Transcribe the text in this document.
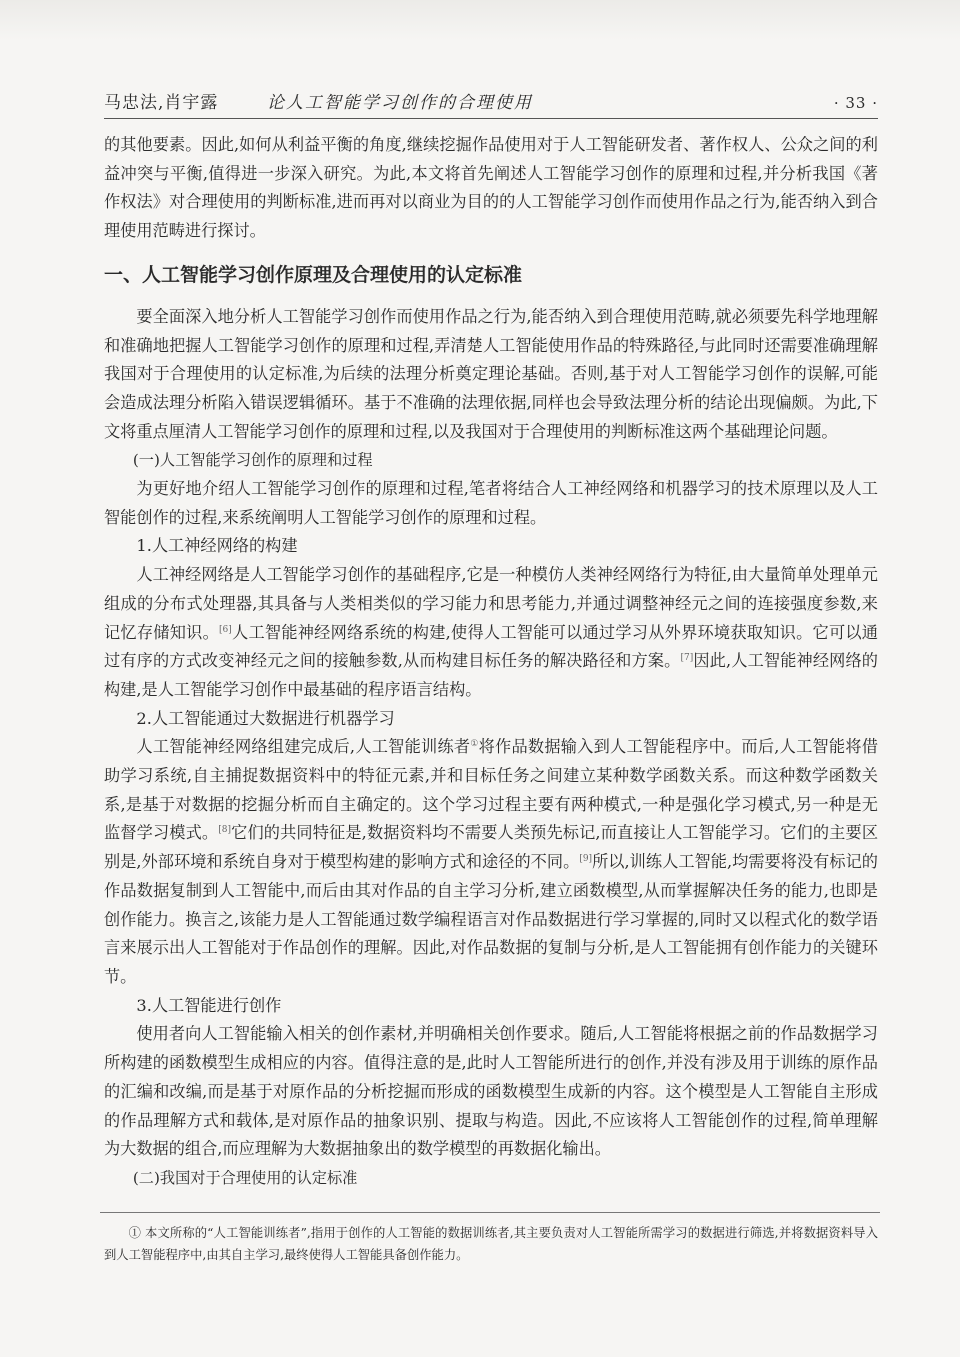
马忠法,肖宇露	论人工智能学习创作的合理使用	· 33 ·

的其他要素。因此,如何从利益平衡的角度,继续挖掘作品使用对于人工智能研发者、著作权人、公众之间的利益冲突与平衡,值得进一步深入研究。为此,本文将首先阐述人工智能学习创作的原理和过程,并分析我国《著作权法》对合理使用的判断标准,进而再对以商业为目的的人工智能学习创作而使用作品之行为,能否纳入到合理使用范畴进行探讨。

一、人工智能学习创作原理及合理使用的认定标准

要全面深入地分析人工智能学习创作而使用作品之行为,能否纳入到合理使用范畴,就必须要先科学地理解和准确地把握人工智能学习创作的原理和过程,弄清楚人工智能使用作品的特殊路径,与此同时还需要准确理解我国对于合理使用的认定标准,为后续的法理分析奠定理论基础。否则,基于对人工智能学习创作的误解,可能会造成法理分析陷入错误逻辑循环。基于不准确的法理依据,同样也会导致法理分析的结论出现偏颇。为此,下文将重点厘清人工智能学习创作的原理和过程,以及我国对于合理使用的判断标准这两个基础理论问题。

(一)人工智能学习创作的原理和过程

为更好地介绍人工智能学习创作的原理和过程,笔者将结合人工神经网络和机器学习的技术原理以及人工智能创作的过程,来系统阐明人工智能学习创作的原理和过程。

1.人工神经网络的构建

人工神经网络是人工智能学习创作的基础程序,它是一种模仿人类神经网络行为特征,由大量简单处理单元组成的分布式处理器,其具备与人类相类似的学习能力和思考能力,并通过调整神经元之间的连接强度参数,来记忆存储知识。[6]人工智能神经网络系统的构建,使得人工智能可以通过学习从外界环境获取知识。它可以通过有序的方式改变神经元之间的接触参数,从而构建目标任务的解决路径和方案。[7]因此,人工智能神经网络的构建,是人工智能学习创作中最基础的程序语言结构。

2.人工智能通过大数据进行机器学习

人工智能神经网络组建完成后,人工智能训练者①将作品数据输入到人工智能程序中。而后,人工智能将借助学习系统,自主捕捉数据资料中的特征元素,并和目标任务之间建立某种数学函数关系。而这种数学函数关系,是基于对数据的挖掘分析而自主确定的。这个学习过程主要有两种模式,一种是强化学习模式,另一种是无监督学习模式。[8]它们的共同特征是,数据资料均不需要人类预先标记,而直接让人工智能学习。它们的主要区别是,外部环境和系统自身对于模型构建的影响方式和途径的不同。[9]所以,训练人工智能,均需要将没有标记的作品数据复制到人工智能中,而后由其对作品的自主学习分析,建立函数模型,从而掌握解决任务的能力,也即是创作能力。换言之,该能力是人工智能通过数学编程语言对作品数据进行学习掌握的,同时又以程式化的数学语言来展示出人工智能对于作品创作的理解。因此,对作品数据的复制与分析,是人工智能拥有创作能力的关键环节。

3.人工智能进行创作

使用者向人工智能输入相关的创作素材,并明确相关创作要求。随后,人工智能将根据之前的作品数据学习所构建的函数模型生成相应的内容。值得注意的是,此时人工智能所进行的创作,并没有涉及用于训练的原作品的汇编和改编,而是基于对原作品的分析挖掘而形成的函数模型生成新的内容。这个模型是人工智能自主形成的作品理解方式和载体,是对原作品的抽象识别、提取与构造。因此,不应该将人工智能创作的过程,简单理解为大数据的组合,而应理解为大数据抽象出的数学模型的再数据化输出。

(二)我国对于合理使用的认定标准

① 本文所称的“人工智能训练者”,指用于创作的人工智能的数据训练者,其主要负责对人工智能所需学习的数据进行筛选,并将数据资料导入到人工智能程序中,由其自主学习,最终使得人工智能具备创作能力。
